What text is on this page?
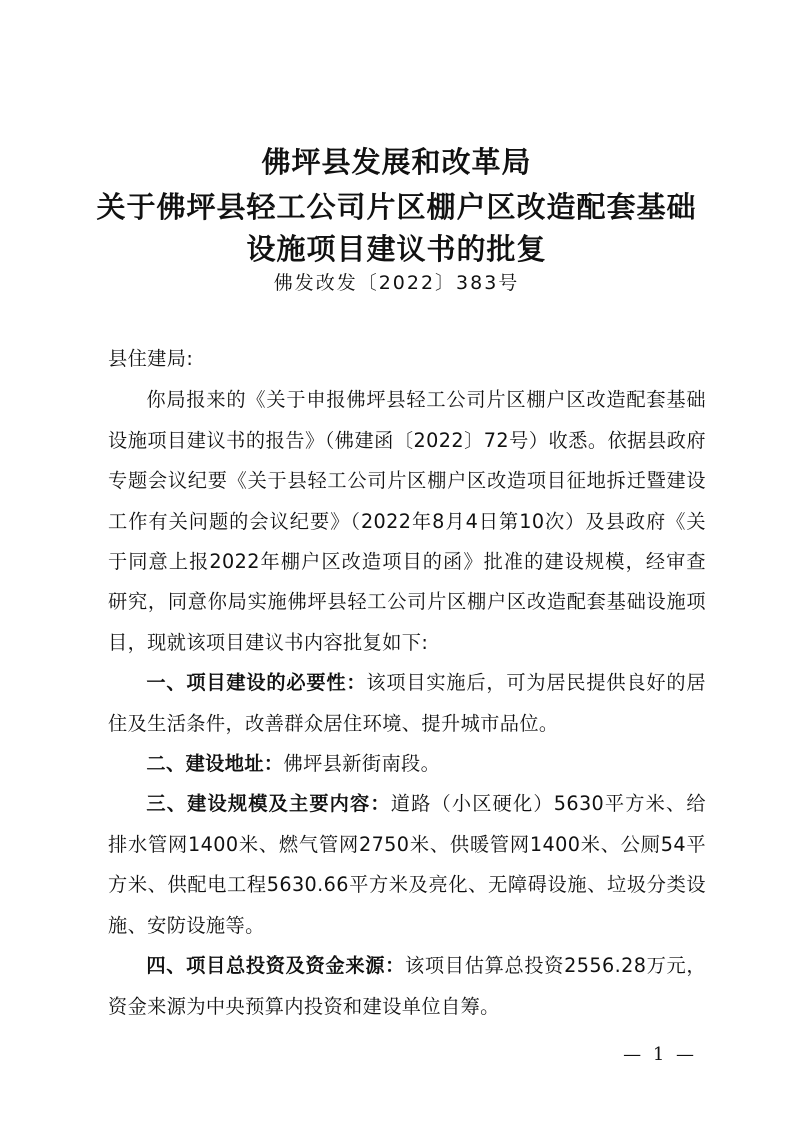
佛坪县发展和改革局
关于佛坪县轻工公司片区棚户区改造配套基础
设施项目建议书的批复
佛发改发〔2022〕383号

县住建局:

你局报来的《关于申报佛坪县轻工公司片区棚户区改造配套基础设施项目建议书的报告》（佛建函〔2022〕72号）收悉。依据县政府专题会议纪要《关于县轻工公司片区棚户区改造项目征地拆迁暨建设工作有关问题的会议纪要》（2022年8月4日第10次）及县政府《关于同意上报2022年棚户区改造项目的函》批准的建设规模，经审查研究，同意你局实施佛坪县轻工公司片区棚户区改造配套基础设施项目，现就该项目建议书内容批复如下:

一、项目建设的必要性：该项目实施后，可为居民提供良好的居住及生活条件，改善群众居住环境、提升城市品位。

二、建设地址：佛坪县新街南段。

三、建设规模及主要内容：道路（小区硬化）5630平方米、给排水管网1400米、燃气管网2750米、供暖管网1400米、公厕54平方米、供配电工程5630.66平方米及亮化、无障碍设施、垃圾分类设施、安防设施等。

四、项目总投资及资金来源：该项目估算总投资2556.28万元，资金来源为中央预算内投资和建设单位自筹。

— 1 —
